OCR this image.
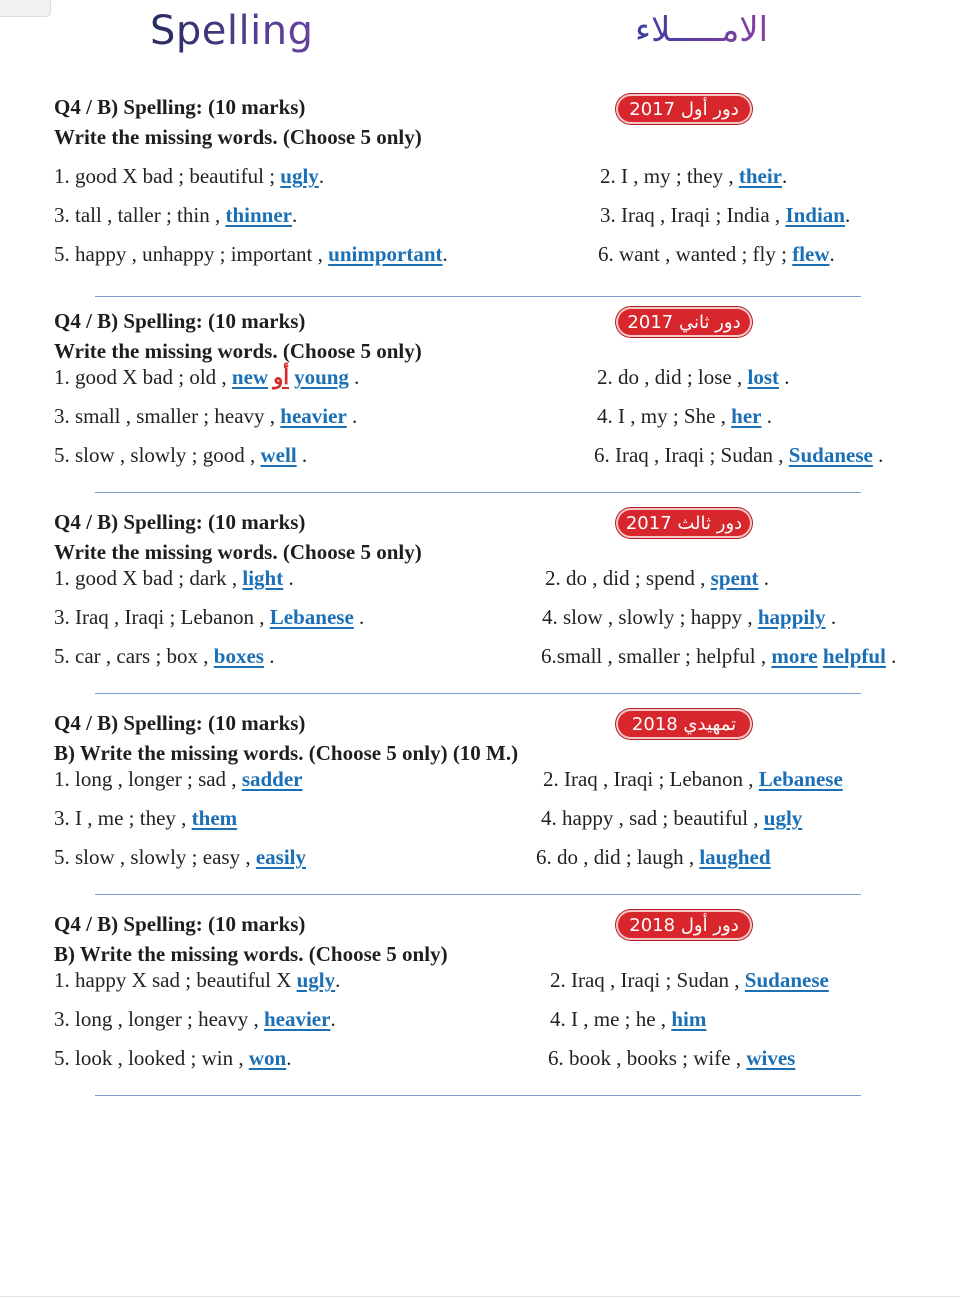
Spelling	الامـــــلاء
Q4 / B) Spelling: (10 marks)	دور أول 2017
Write the missing words. (Choose 5 only)
1. good X bad ; beautiful ; ugly.	2. I , my ; they , their.
3. tall , taller ; thin , thinner.	3. Iraq , Iraqi ; India , Indian.
5. happy , unhappy ; important , unimportant.	6. want , wanted ; fly ; flew.
Q4 / B) Spelling: (10 marks)	دور ثاني 2017
Write the missing words. (Choose 5 only)
1. good X bad ; old , new أو young .	2. do , did ; lose , lost .
3. small , smaller ; heavy , heavier .	4. I , my ; She , her .
5. slow , slowly ; good , well .	6. Iraq , Iraqi ; Sudan , Sudanese .
Q4 / B) Spelling: (10 marks)	دور ثالث 2017
Write the missing words. (Choose 5 only)
1. good X bad ; dark , light .	2. do , did ; spend , spent .
3. Iraq , Iraqi ; Lebanon , Lebanese .	4. slow , slowly ; happy , happily .
5. car , cars ; box , boxes .	6.small , smaller ; helpful , more helpful .
Q4 / B) Spelling: (10 marks)	تمهيدي 2018
B) Write the missing words. (Choose 5 only) (10 M.)
1. long , longer ; sad , sadder	2. Iraq , Iraqi ; Lebanon , Lebanese
3. I , me ; they , them	4. happy , sad ; beautiful , ugly
5. slow , slowly ; easy , easily	6. do , did ; laugh , laughed
Q4 / B) Spelling: (10 marks)	دور أول 2018
B) Write the missing words. (Choose 5 only)
1. happy X sad ; beautiful X ugly.	2. Iraq , Iraqi ; Sudan , Sudanese
3. long , longer ; heavy , heavier.	4. I , me ; he , him
5. look , looked ; win , won.	6. book , books ; wife , wives
